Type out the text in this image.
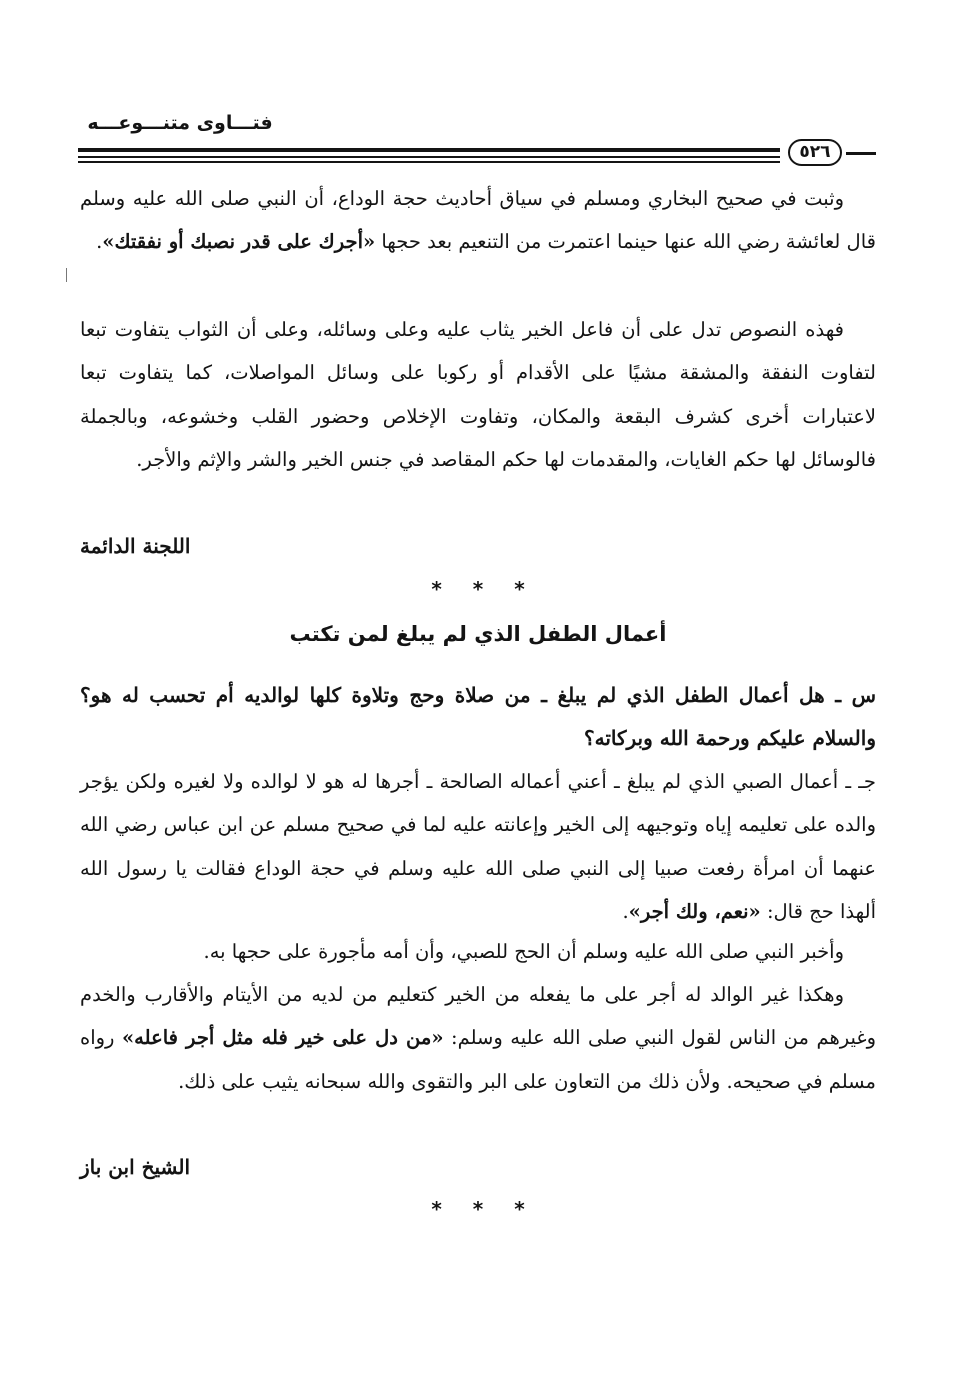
فتـــاوى متنـــوعـــه
٥٢٦
وثبت في صحيح البخاري ومسلم في سياق أحاديث حجة الوداع، أن النبي صلى الله عليه وسلم قال لعائشة رضي الله عنها حينما اعتمرت من التنعيم بعد حجها «أجرك على قدر نصبك أو نفقتك».
فهذه النصوص تدل على أن فاعل الخير يثاب عليه وعلى وسائله، وعلى أن الثواب يتفاوت تبعا لتفاوت النفقة والمشقة مشيًا على الأقدام أو ركوبا على وسائل المواصلات، كما يتفاوت تبعا لاعتبارات أخرى كشرف البقعة والمكان، وتفاوت الإخلاص وحضور القلب وخشوعه، وبالجملة فالوسائل لها حكم الغايات، والمقدمات لها حكم المقاصد في جنس الخير والشر والإثم والأجر.
اللجنة الدائمة
* * *
أعمال الطفل الذي لم يبلغ لمن تكتب
س ـ هل أعمال الطفل الذي لم يبلغ ـ من صلاة وحج وتلاوة كلها لوالديه أم تحسب له هو؟ والسلام عليكم ورحمة الله وبركاته؟
جـ ـ أعمال الصبي الذي لم يبلغ ـ أعني أعماله الصالحة ـ أجرها له هو لا لوالده ولا لغيره ولكن يؤجر والده على تعليمه إياه وتوجيهه إلى الخير وإعانته عليه لما في صحيح مسلم عن ابن عباس رضي الله عنهما أن امرأة رفعت صبيا إلى النبي صلى الله عليه وسلم في حجة الوداع فقالت يا رسول الله ألهذا حج قال: «نعم، ولك أجر».
وأخبر النبي صلى الله عليه وسلم أن الحج للصبي، وأن أمه مأجورة على حجها به.
وهكذا غير الوالد له أجر على ما يفعله من الخير كتعليم من لديه من الأيتام والأقارب والخدم وغيرهم من الناس لقول النبي صلى الله عليه وسلم: «من دل على خير فله مثل أجر فاعله» رواه مسلم في صحيحه. ولأن ذلك من التعاون على البر والتقوى والله سبحانه يثيب على ذلك.
الشيخ ابن باز
* * *
